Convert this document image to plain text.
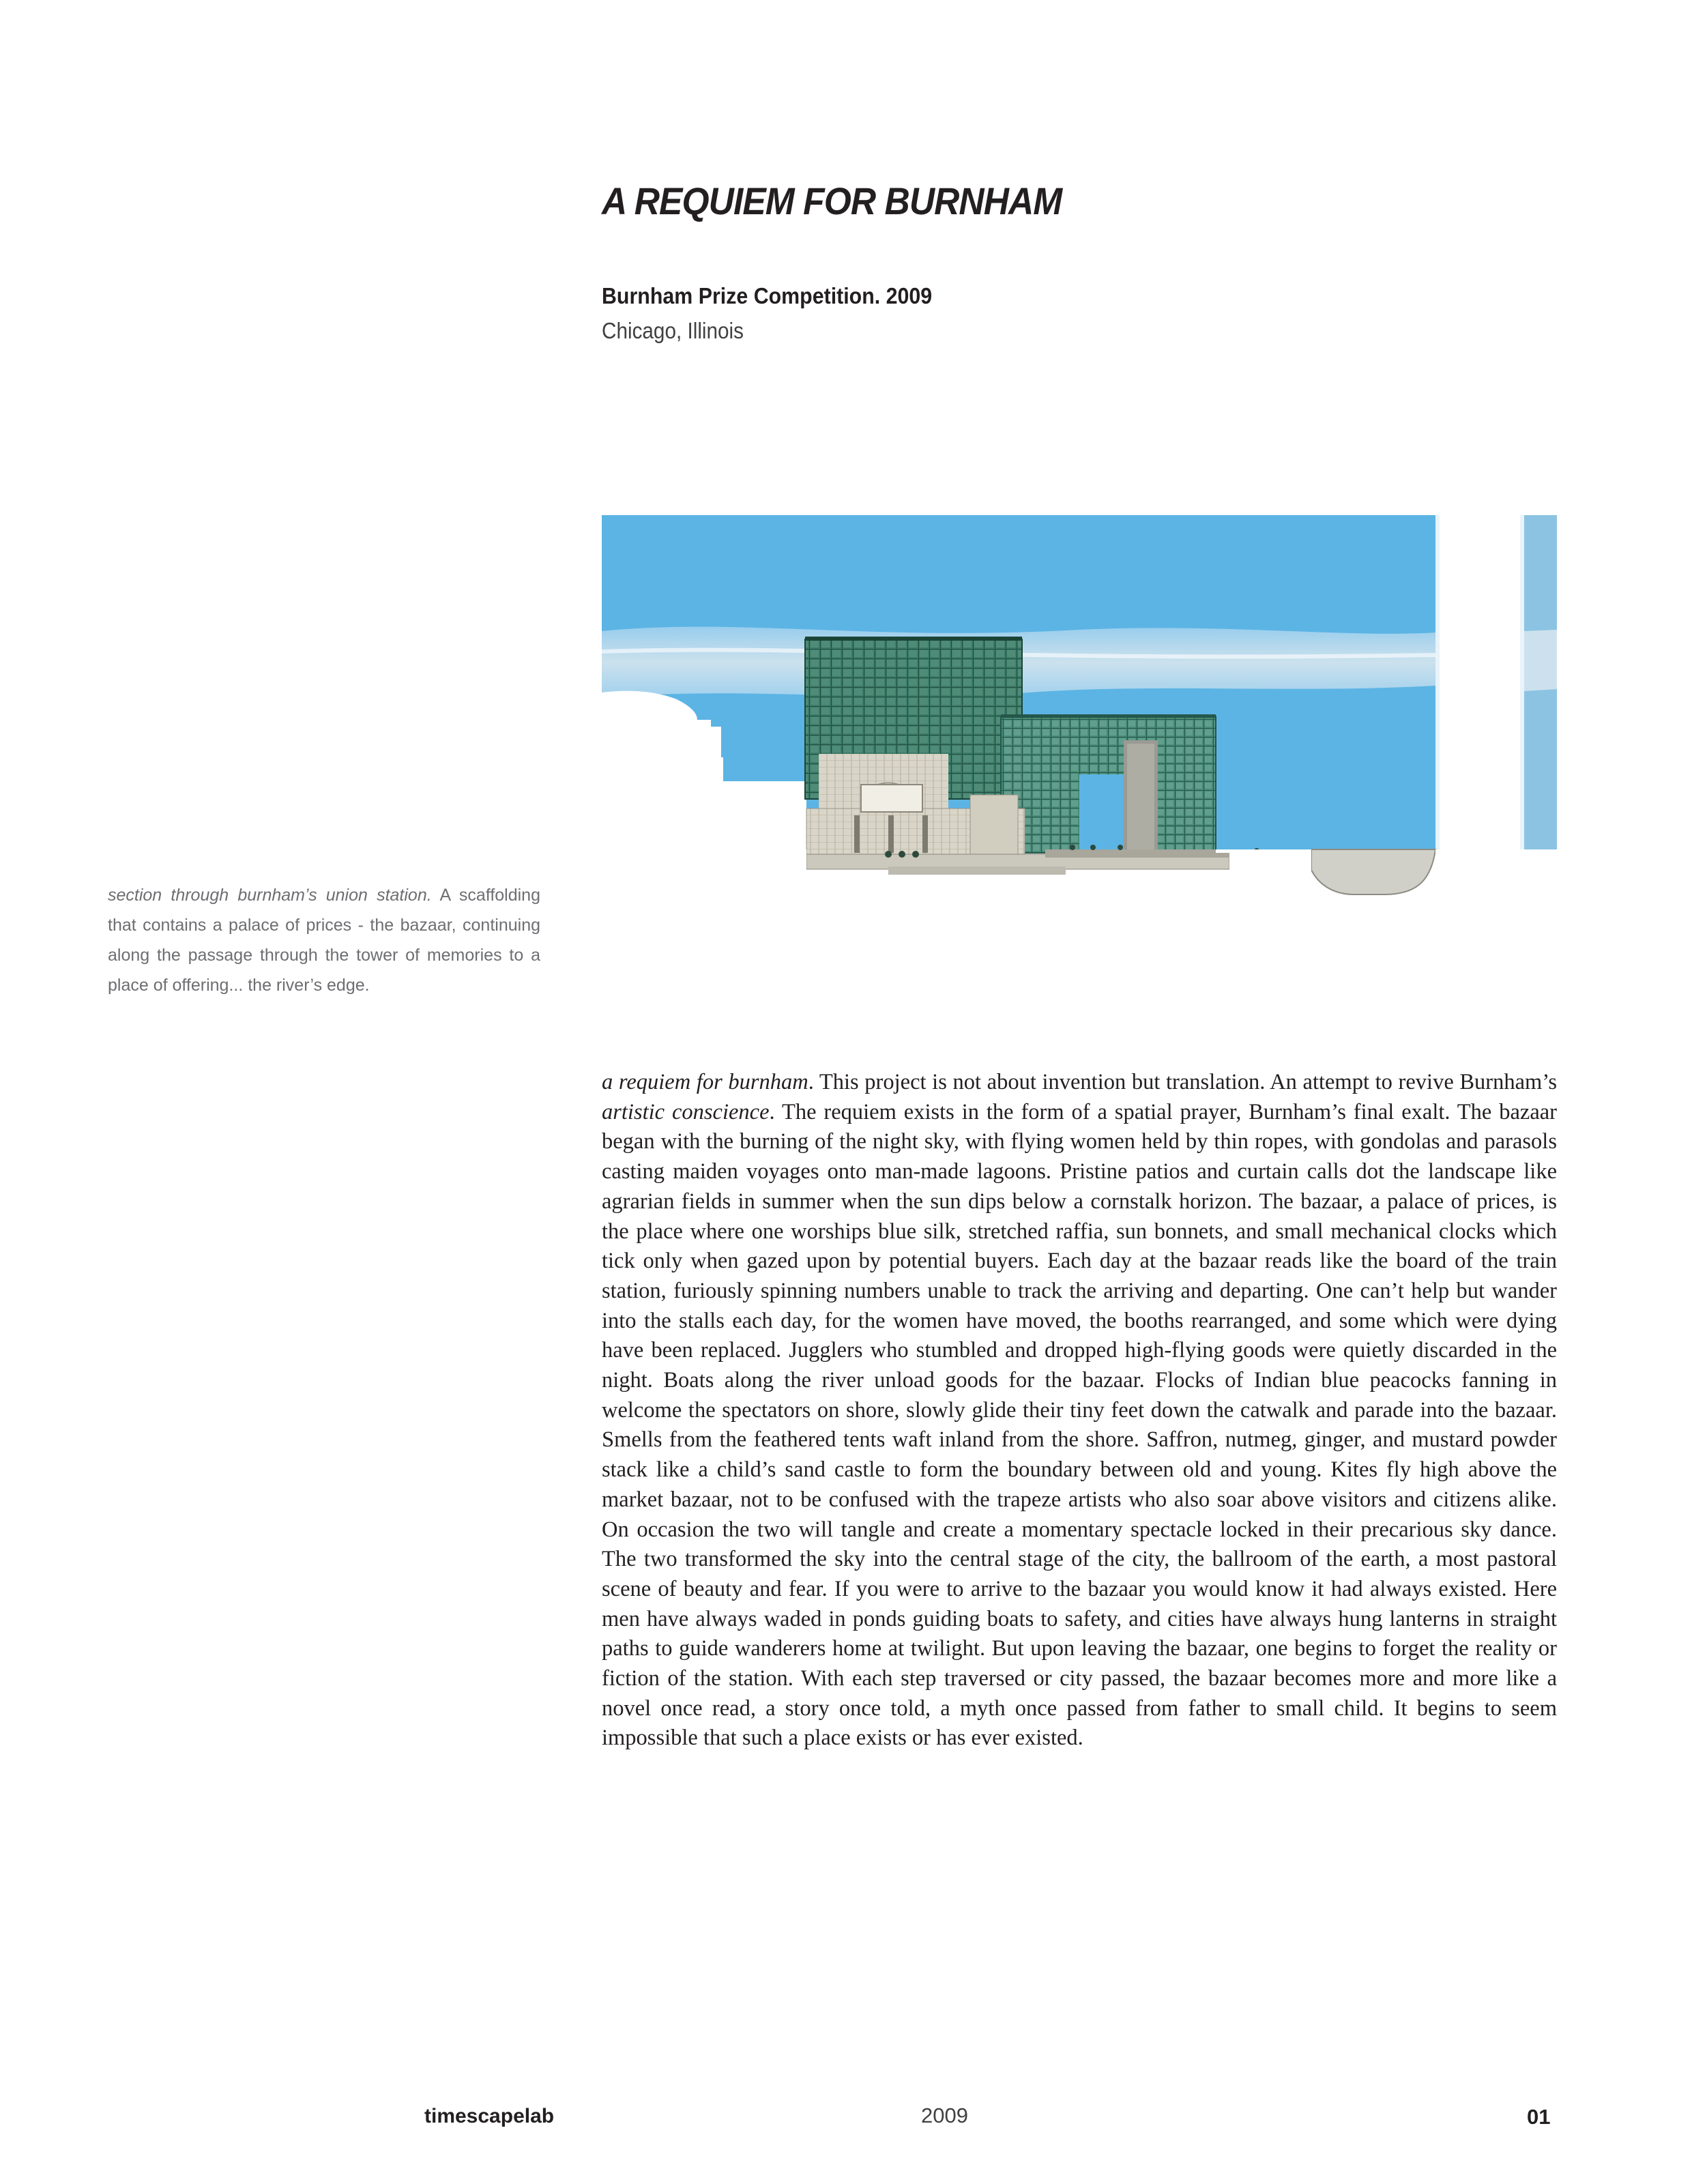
A REQUIEM FOR BURNHAM
Burnham Prize Competition. 2009
Chicago, Illinois
section through burnham’s union station. A scaffolding that contains a palace of prices - the bazaar, continuing along the passage through the tower of memories to a place of offering... the river’s edge.

a requiem for burnham. This project is not about invention but translation. An attempt to revive Burnham’s artistic conscience. The requiem exists in the form of a spatial prayer, Burnham’s final exalt. The bazaar began with the burning of the night sky, with flying women held by thin ropes, with gondolas and parasols casting maiden voyages onto man-made lagoons. Pristine patios and curtain calls dot the landscape like agrarian fields in summer when the sun dips below a cornstalk horizon. The bazaar, a palace of prices, is the place where one worships blue silk, stretched raffia, sun bonnets, and small mechanical clocks which tick only when gazed upon by potential buyers. Each day at the bazaar reads like the board of the train station, furiously spinning numbers unable to track the arriving and departing. One can’t help but wander into the stalls each day, for the women have moved, the booths rearranged, and some which were dying have been replaced. Jugglers who stumbled and dropped high-flying goods were quietly discarded in the night. Boats along the river unload goods for the bazaar. Flocks of Indian blue peacocks fanning in welcome the spectators on shore, slowly glide their tiny feet down the catwalk and parade into the bazaar. Smells from the feathered tents waft inland from the shore. Saffron, nutmeg, ginger, and mustard powder stack like a child’s sand castle to form the boundary between old and young. Kites fly high above the market bazaar, not to be confused with the trapeze artists who also soar above visitors and citizens alike. On occasion the two will tangle and create a momentary spectacle locked in their precarious sky dance. The two transformed the sky into the central stage of the city, the ballroom of the earth, a most pastoral scene of beauty and fear. If you were to arrive to the bazaar you would know it had always existed. Here men have always waded in ponds guiding boats to safety, and cities have always hung lanterns in straight paths to guide wanderers home at twilight. But upon leaving the bazaar, one begins to forget the reality or fiction of the station. With each step traversed or city passed, the bazaar becomes more and more like a novel once read, a story once told, a myth once passed from father to small child. It begins to seem impossible that such a place exists or has ever existed.

timescapelab	2009	01
